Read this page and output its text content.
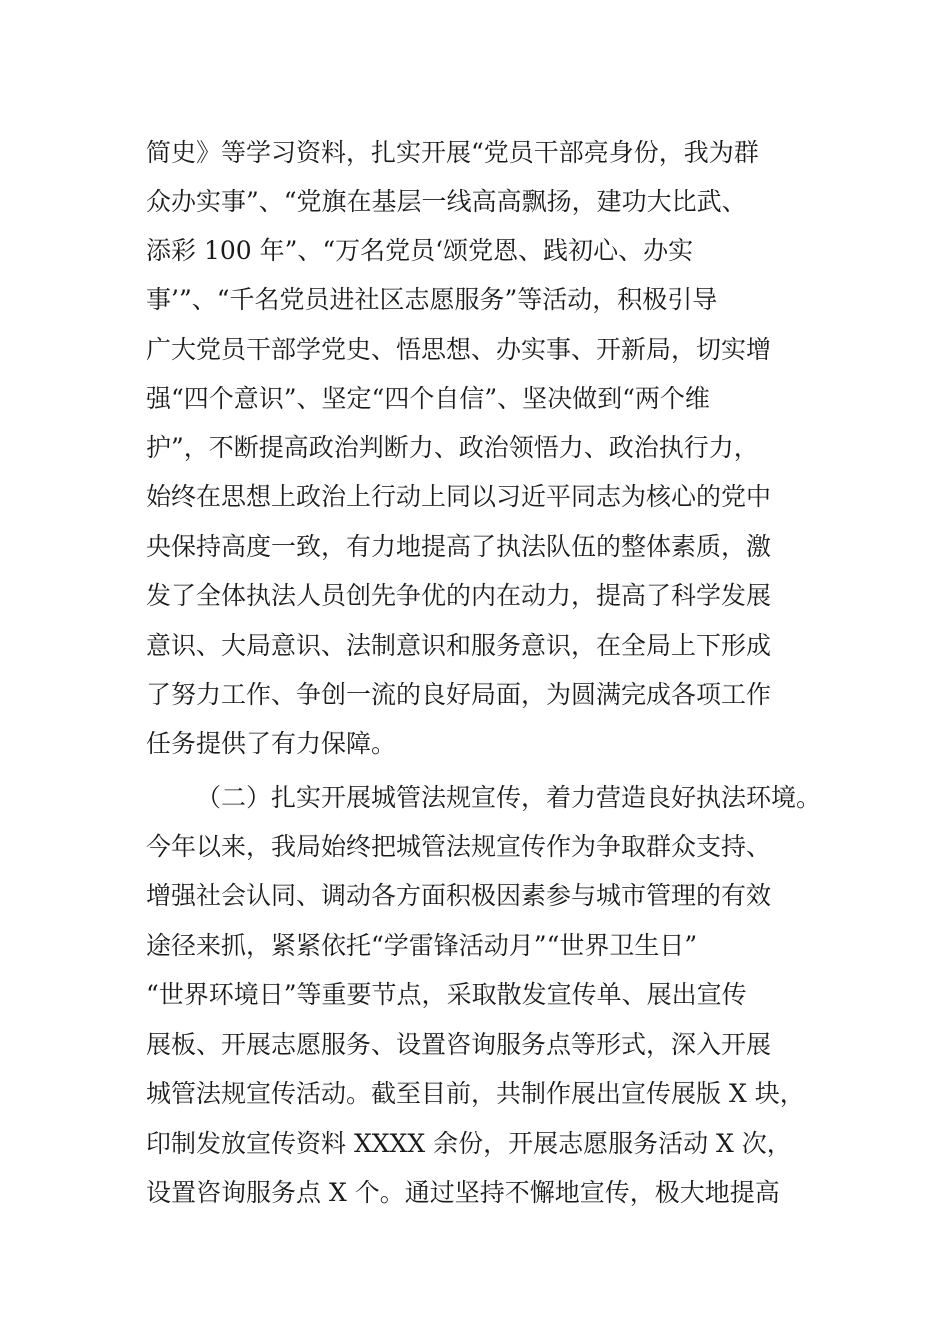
简史》等学习资料，扎实开展“党员干部亮身份，我为群
众办实事”、“党旗在基层一线高高飘扬，建功大比武、
添彩 100 年”、“万名党员‘颂党恩、践初心、办实
事’”、“千名党员进社区志愿服务”等活动，积极引导
广大党员干部学党史、悟思想、办实事、开新局，切实增
强“四个意识”、坚定“四个自信”、坚决做到“两个维
护”，不断提高政治判断力、政治领悟力、政治执行力，
始终在思想上政治上行动上同以习近平同志为核心的党中
央保持高度一致，有力地提高了执法队伍的整体素质，激
发了全体执法人员创先争优的内在动力，提高了科学发展
意识、大局意识、法制意识和服务意识，在全局上下形成
了努力工作、争创一流的良好局面，为圆满完成各项工作
任务提供了有力保障。
（二）扎实开展城管法规宣传，着力营造良好执法环境。
今年以来，我局始终把城管法规宣传作为争取群众支持、
增强社会认同、调动各方面积极因素参与城市管理的有效
途径来抓，紧紧依托“学雷锋活动月”“世界卫生日”
“世界环境日”等重要节点，采取散发宣传单、展出宣传
展板、开展志愿服务、设置咨询服务点等形式，深入开展
城管法规宣传活动。截至目前，共制作展出宣传展版 X 块，
印制发放宣传资料 XXXX 余份，开展志愿服务活动 X 次，
设置咨询服务点 X 个。通过坚持不懈地宣传，极大地提高
